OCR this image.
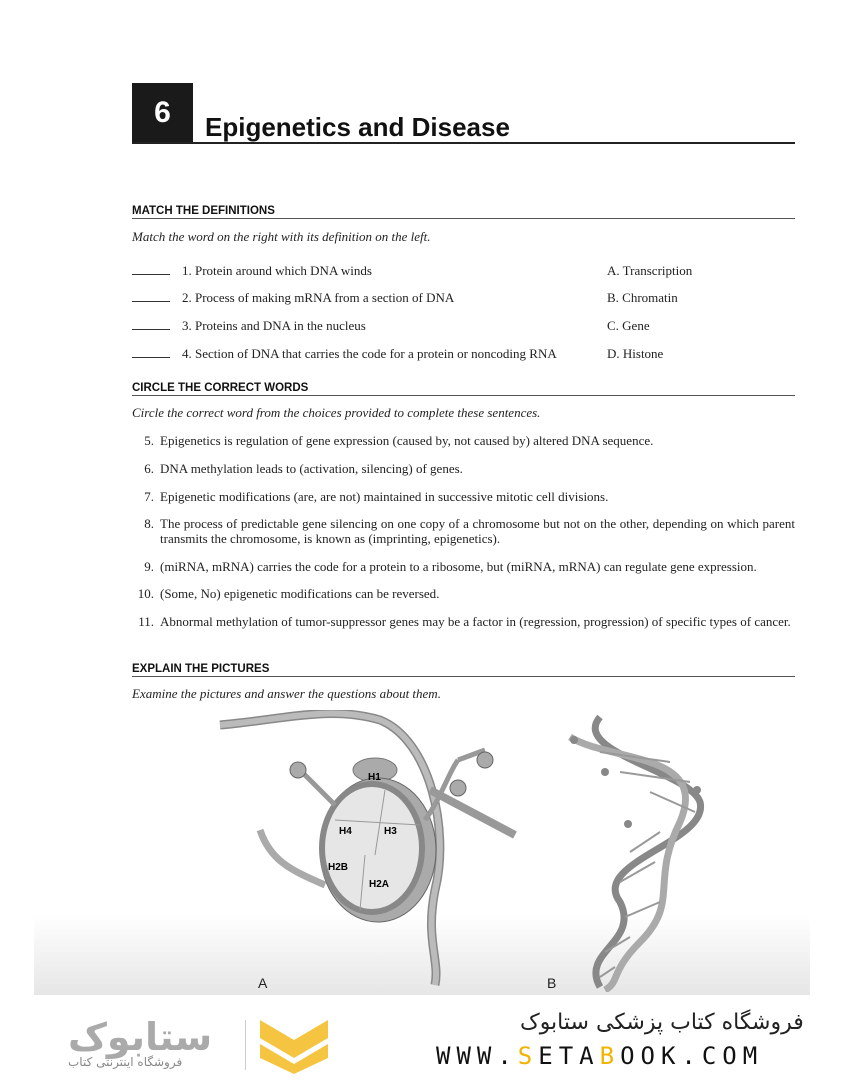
6	Epigenetics and Disease
MATCH THE DEFINITIONS
Match the word on the right with its definition on the left.
1. Protein around which DNA winds	A. Transcription
2. Process of making mRNA from a section of DNA	B. Chromatin
3. Proteins and DNA in the nucleus	C. Gene
4. Section of DNA that carries the code for a protein or noncoding RNA	D. Histone
CIRCLE THE CORRECT WORDS
Circle the correct word from the choices provided to complete these sentences.
5. Epigenetics is regulation of gene expression (caused by, not caused by) altered DNA sequence.
6. DNA methylation leads to (activation, silencing) of genes.
7. Epigenetic modifications (are, are not) maintained in successive mitotic cell divisions.
8. The process of predictable gene silencing on one copy of a chromosome but not on the other, depending on which parent transmits the chromosome, is known as (imprinting, epigenetics).
9. (miRNA, mRNA) carries the code for a protein to a ribosome, but (miRNA, mRNA) can regulate gene expression.
10. (Some, No) epigenetic modifications can be reversed.
11. Abnormal methylation of tumor-suppressor genes may be a factor in (regression, progression) of specific types of cancer.
EXPLAIN THE PICTURES
Examine the pictures and answer the questions about them.
H1
H4	H3
H2B
H2A
A	B
ستابوک
فروشگاه اینترنتی کتاب
فروشگاه کتاب پزشکی ستابوک
WWW.SETABOOK.COM
